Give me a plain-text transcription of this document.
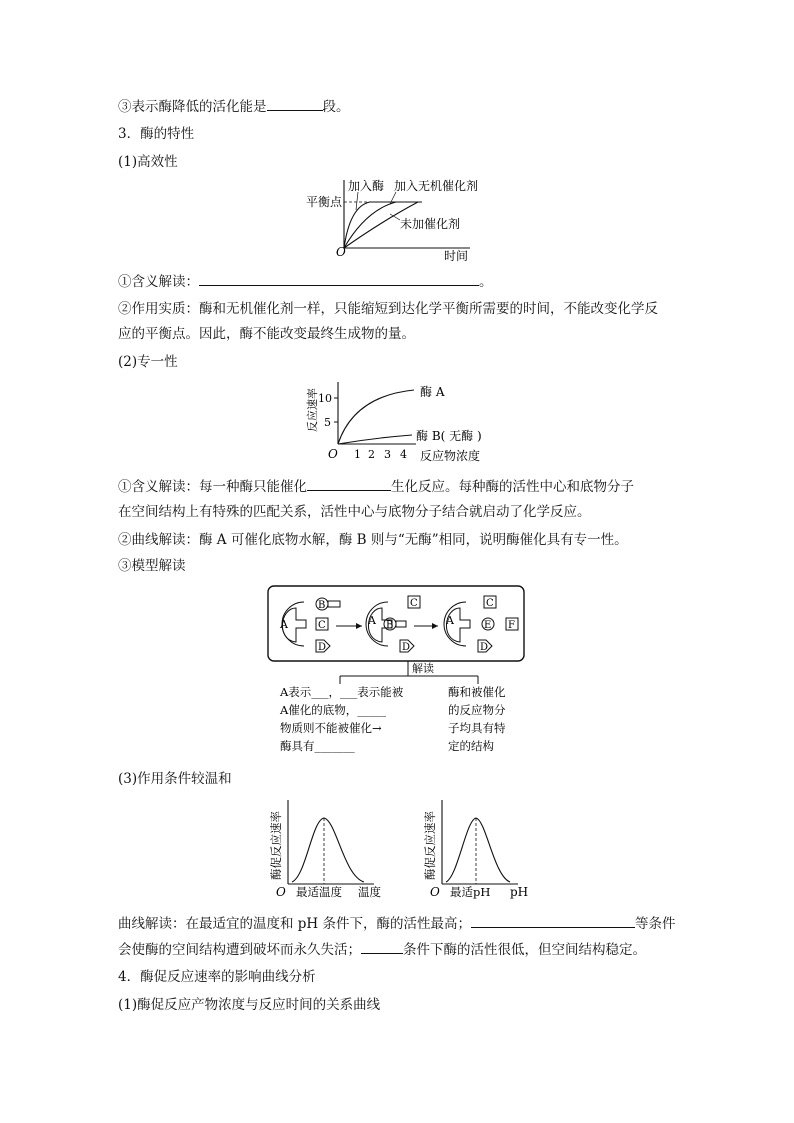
③表示酶降低的活化能是	段。
3．酶的特性
(1)高效性
平衡点
加入酶 加入无机催化剂
未加催化剂
O	时间
①含义解读：	。
②作用实质：酶和无机催化剂一样，只能缩短到达化学平衡所需要的时间，不能改变化学反
应的平衡点。因此，酶不能改变最终生成物的量。
(2)专一性
5
10
反应速率
O 1 2 3 4 反应物浓度
酶 A
酶 B( 无酶 )
①含义解读：每一种酶只能催化	生化反应。每种酶的活性中心和底物分子
在空间结构上有特殊的匹配关系，活性中心与底物分子结合就启动了化学反应。
②曲线解读：酶 A 可催化底物水解，酶 B 则与“无酶”相同，说明酶催化具有专一性。
③模型解读
A
B
C
D
A B
C
D
A
C
E F
D
解读
A表示___，___表示能被
A催化的底物，_____
物质则不能被催化→
酶具有_______
酶和被催化
的反应物分
子均具有特
定的结构
(3)作用条件较温和
酶促反应速率
O 最适温度 温度
酶促反应速率
O 最适pH pH
曲线解读：在最适宜的温度和 pH 条件下，酶的活性最高；	等条件
会使酶的空间结构遭到破坏而永久失活；	条件下酶的活性很低，但空间结构稳定。
4．酶促反应速率的影响曲线分析
(1)酶促反应产物浓度与反应时间的关系曲线
